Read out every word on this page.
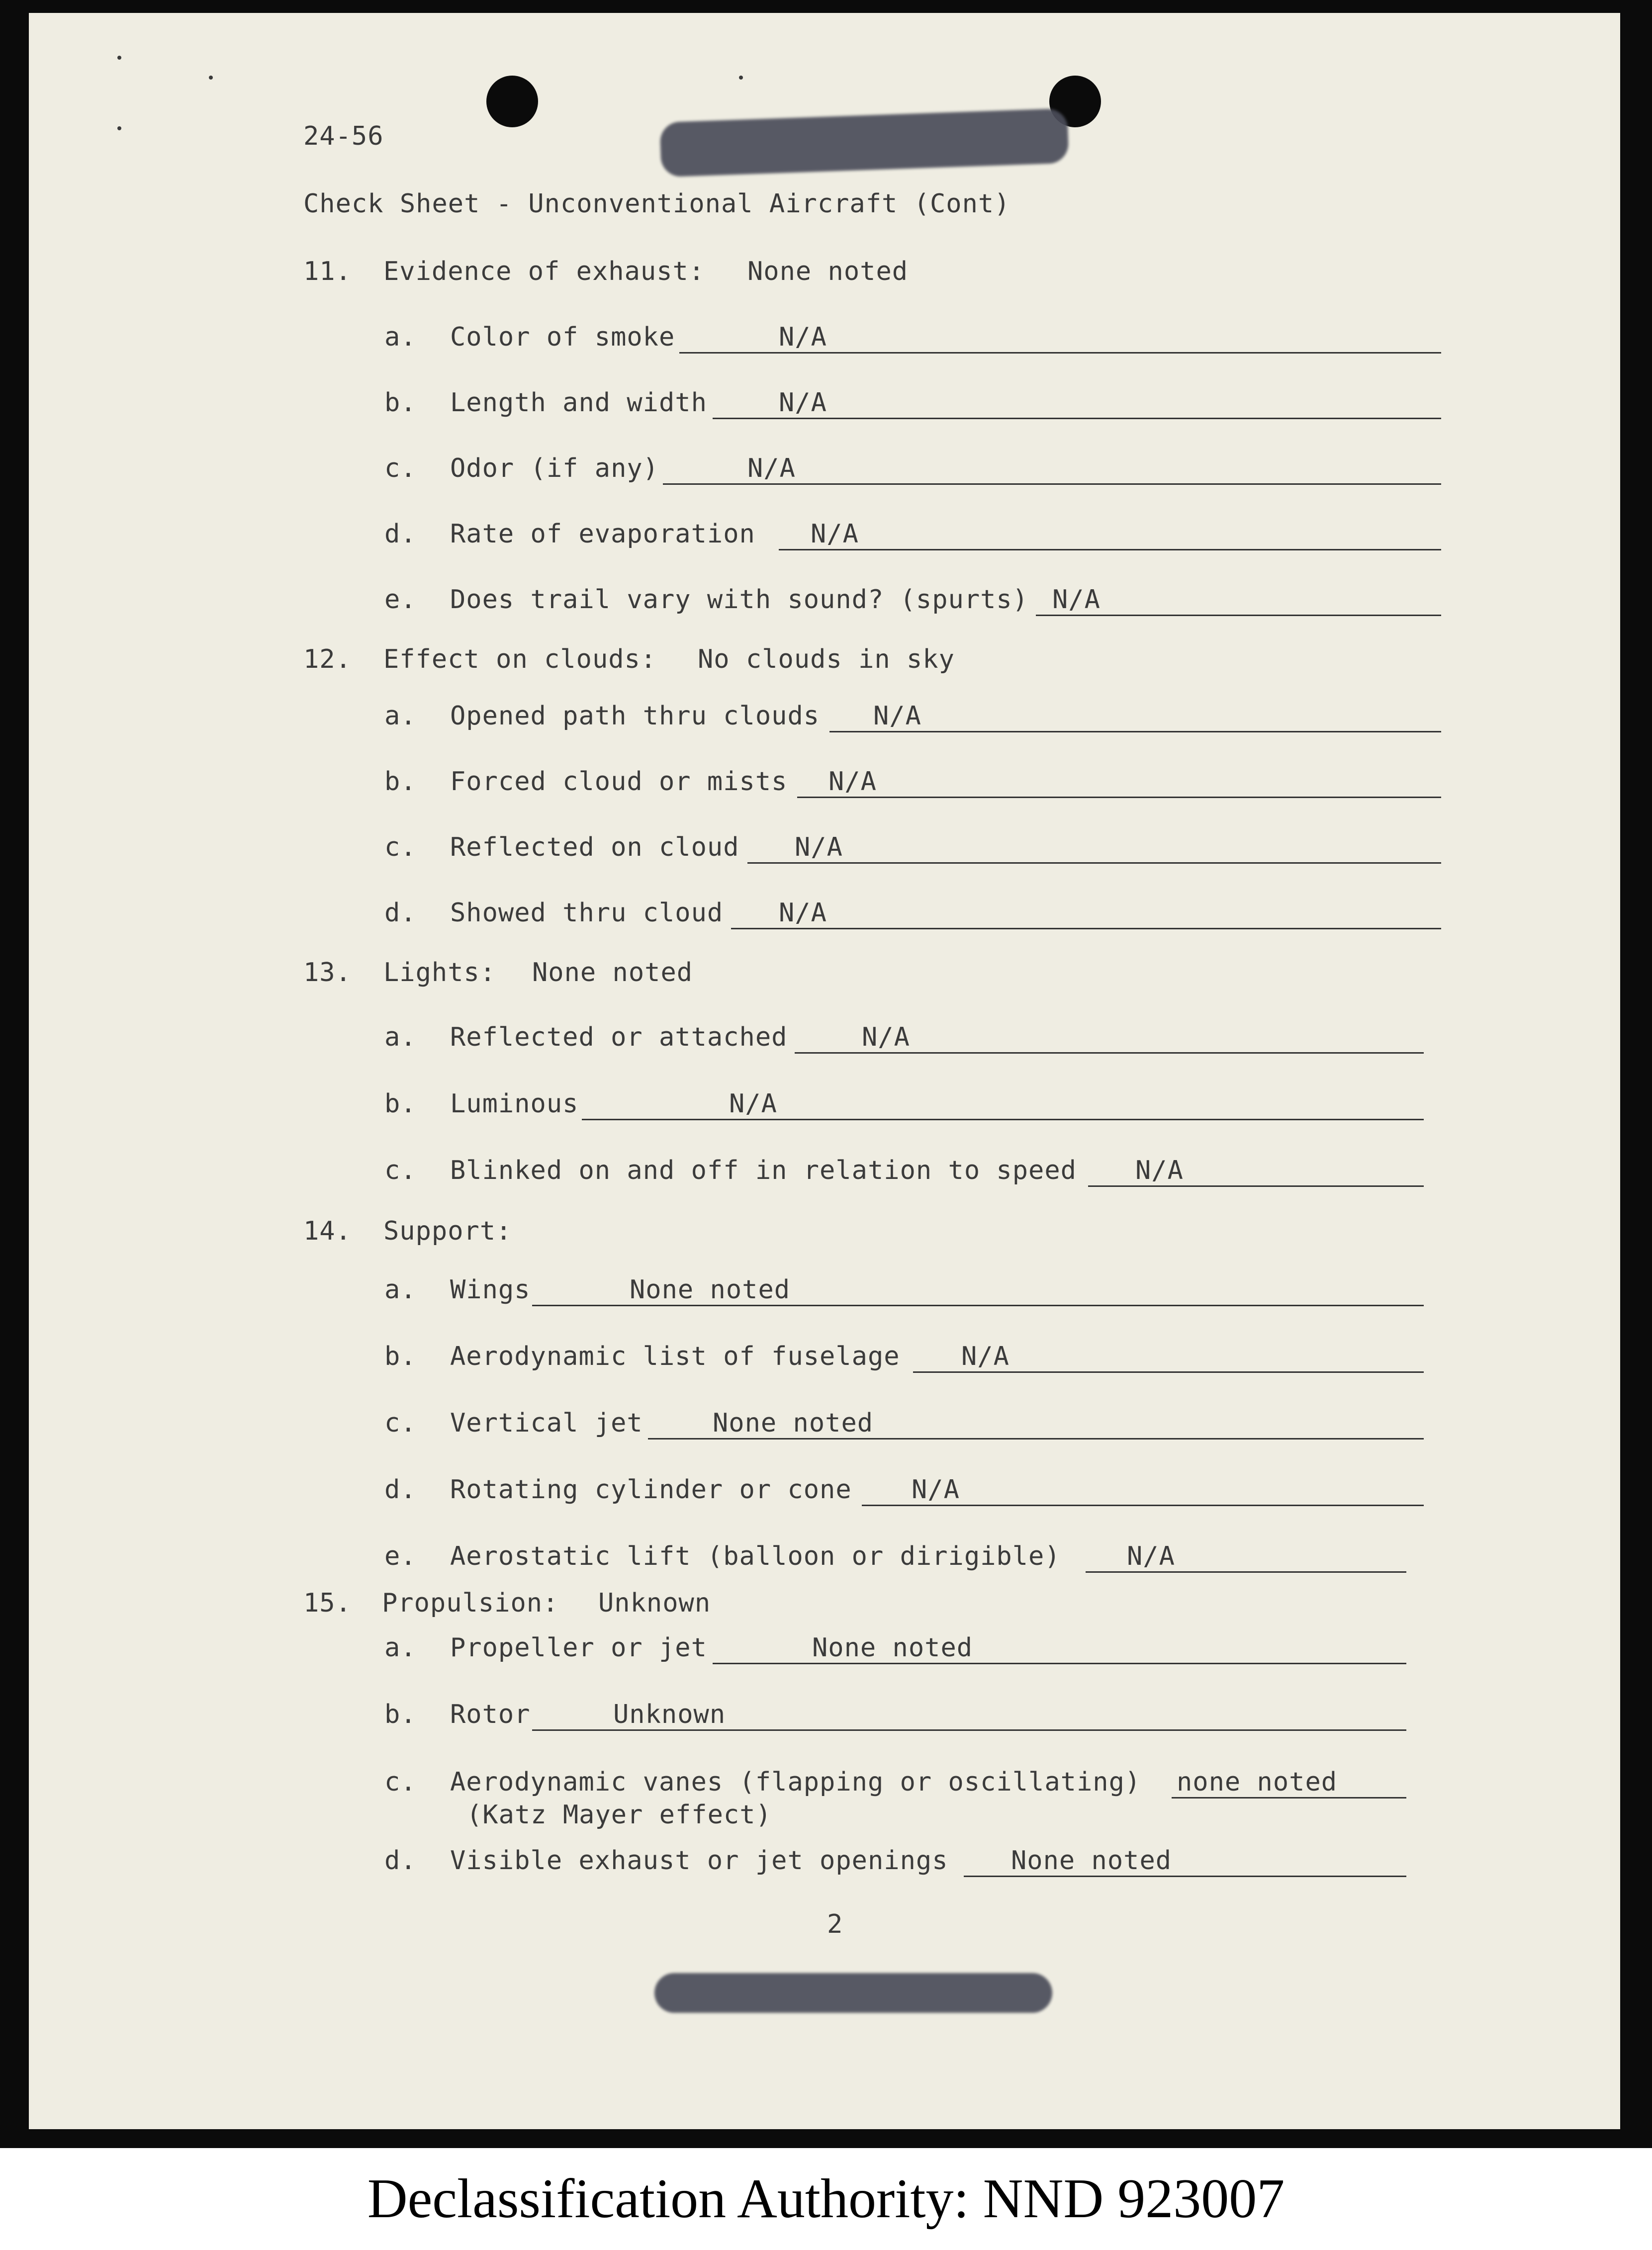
24-56
Check Sheet - Unconventional Aircraft (Cont)
11. Evidence of exhaust: None noted
a. Color of smoke	N/A
b. Length and width	N/A
c. Odor (if any)	N/A
d. Rate of evaporation N/A
e. Does trail vary with sound? (spurts) N/A
12. Effect on clouds: No clouds in sky
a. Opened path thru clouds N/A
b. Forced cloud or mists N/A
c. Reflected on cloud N/A
d. Showed thru cloud N/A
13. Lights: None noted
a. Reflected or attached	N/A
b. Luminous	N/A
c. Blinked on and off in relation to speed N/A
14. Support:
a. Wings	None noted
b. Aerodynamic list of fuselage N/A
c. Vertical jet	None noted
d. Rotating cylinder or cone N/A
e. Aerostatic lift (balloon or dirigible)	N/A
15. Propulsion: Unknown
a. Propeller or jet	None noted
b. Rotor	Unknown
c. Aerodynamic vanes (flapping or oscillating) none noted
(Katz Mayer effect)
d. Visible exhaust or jet openings None noted
2
Declassification Authority: NND 923007
